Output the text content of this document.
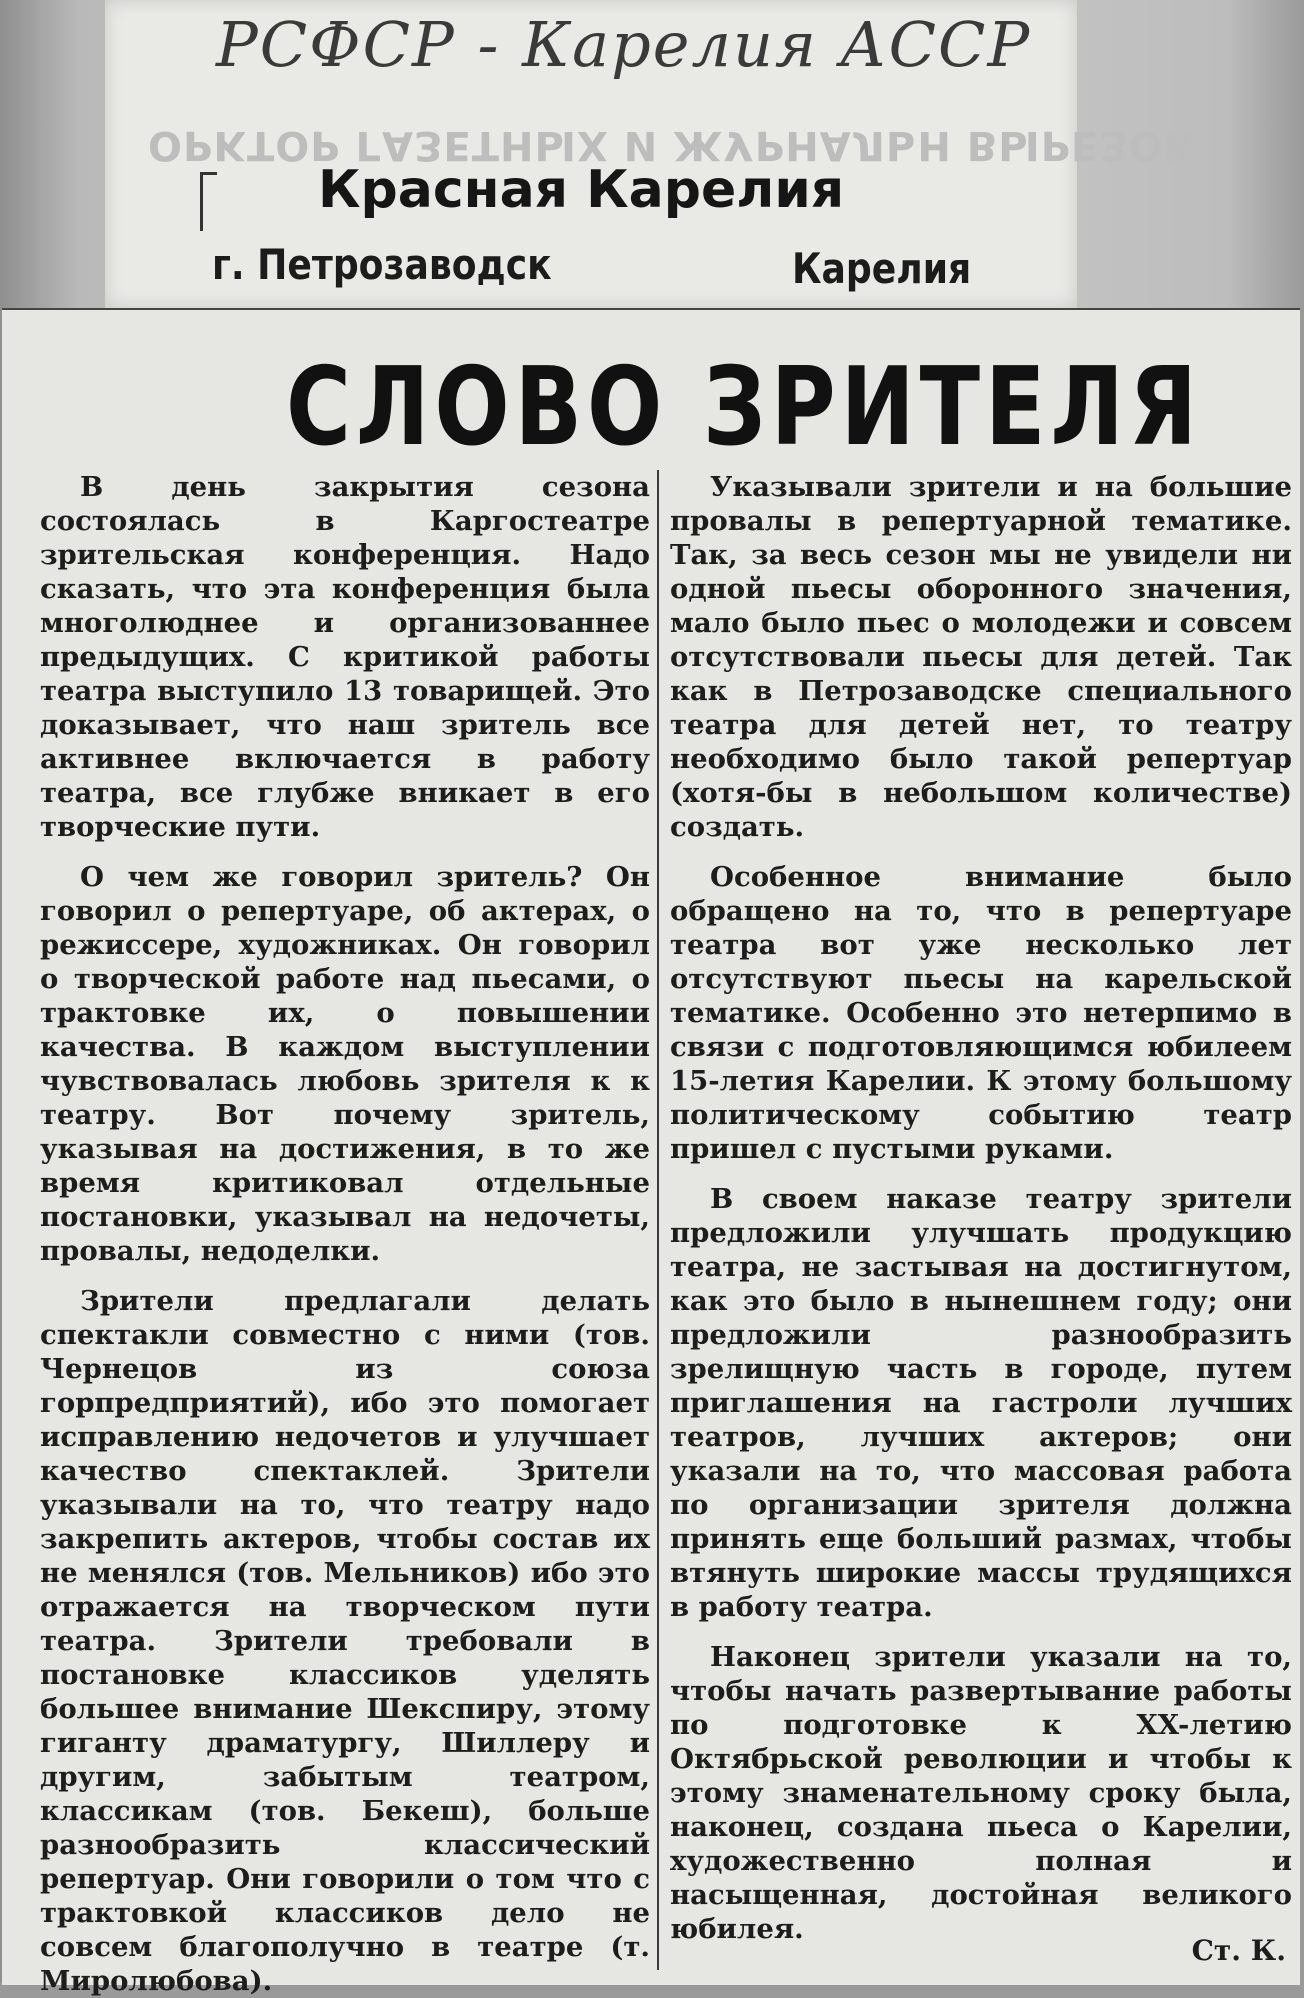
РСФСР - Карелия АССР
ОРКТОР ГАЗЕТНЫХ И ЖУРНАЛЬН ВЫРЕЗОК
Красная Карелия
г. Петрозаводск	Карелия
СЛОВО ЗРИТЕЛЯ

В день закрытия сезона состоялась в Каргостеатре зрительская конференция. Надо сказать, что эта конференция была многолюднее и организованнее предыдущих. С критикой работы театра выступило 13 товарищей. Это доказывает, что наш зритель все активнее включается в работу театра, все глубже вникает в его творческие пути.

О чем же говорил зритель? Он говорил о репертуаре, об актерах, о режиссере, художниках. Он говорил о творческой работе над пьесами, о трактовке их, о повышении качества. В каждом выступлении чувствовалась любовь зрителя к к театру. Вот почему зритель, указывая на достижения, в то же время критиковал отдельные постановки, указывал на недочеты, провалы, недоделки.

Зрители предлагали делать спектакли совместно с ними (тов. Чернецов из союза горпредприятий), ибо это помогает исправлению недочетов и улучшает качество спектаклей. Зрители указывали на то, что театру надо закрепить актеров, чтобы состав их не менялся (тов. Мельников) ибо это отражается на творческом пути театра. Зрители требовали в постановке классиков уделять большее внимание Шекспиру, этому гиганту драматургу, Шиллеру и другим, забытым театром, классикам (тов. Бекеш), больше разнообразить класcический репертуар. Они говорили о том что с трактовкой классиков дело не совсем благополучно в театре (т. Миролюбова).

Указывали зрители и на большие провалы в репертуарной тематике. Так, за весь сезон мы не увидели ни одной пьесы оборонного значения, мало было пьес о молодежи и совсем отсутствовали пьесы для детей. Так как в Петрозаводске специального театра для детей нет, то театру необходимо было такой репертуар (хотя-бы в небольшом количестве) создать.

Особенное внимание было обращено на то, что в репертуаре театра вот уже несколько лет отсутствуют пьесы на карельской тематике. Особенно это нетерпимо в связи с подготовляющимся юбилеем 15-летия Карелии. К этому большому политическому событию театр пришел с пустыми руками.

В своем наказе театру зрители предложили улучшать продукцию театра, не застывая на достигнутом, как это было в нынешнем году; они предложили разнообразить зрелищную часть в городе, путем приглашения на гастроли лучших театров, лучших актеров; они указали на то, что массовая работа по организации зрителя должна принять еще больший размах, чтобы втянуть широкие массы трудящихся в работу театра.

Наконец зрители указали на то, чтобы начать развертывание работы по подготовке к XX-летию Октябрьской революции и чтобы к этому знаменательному сроку была, наконец, создана пьеса о Карелии, художественно полная и насыщенная, достойная великого юбилея.

Ст. К.
